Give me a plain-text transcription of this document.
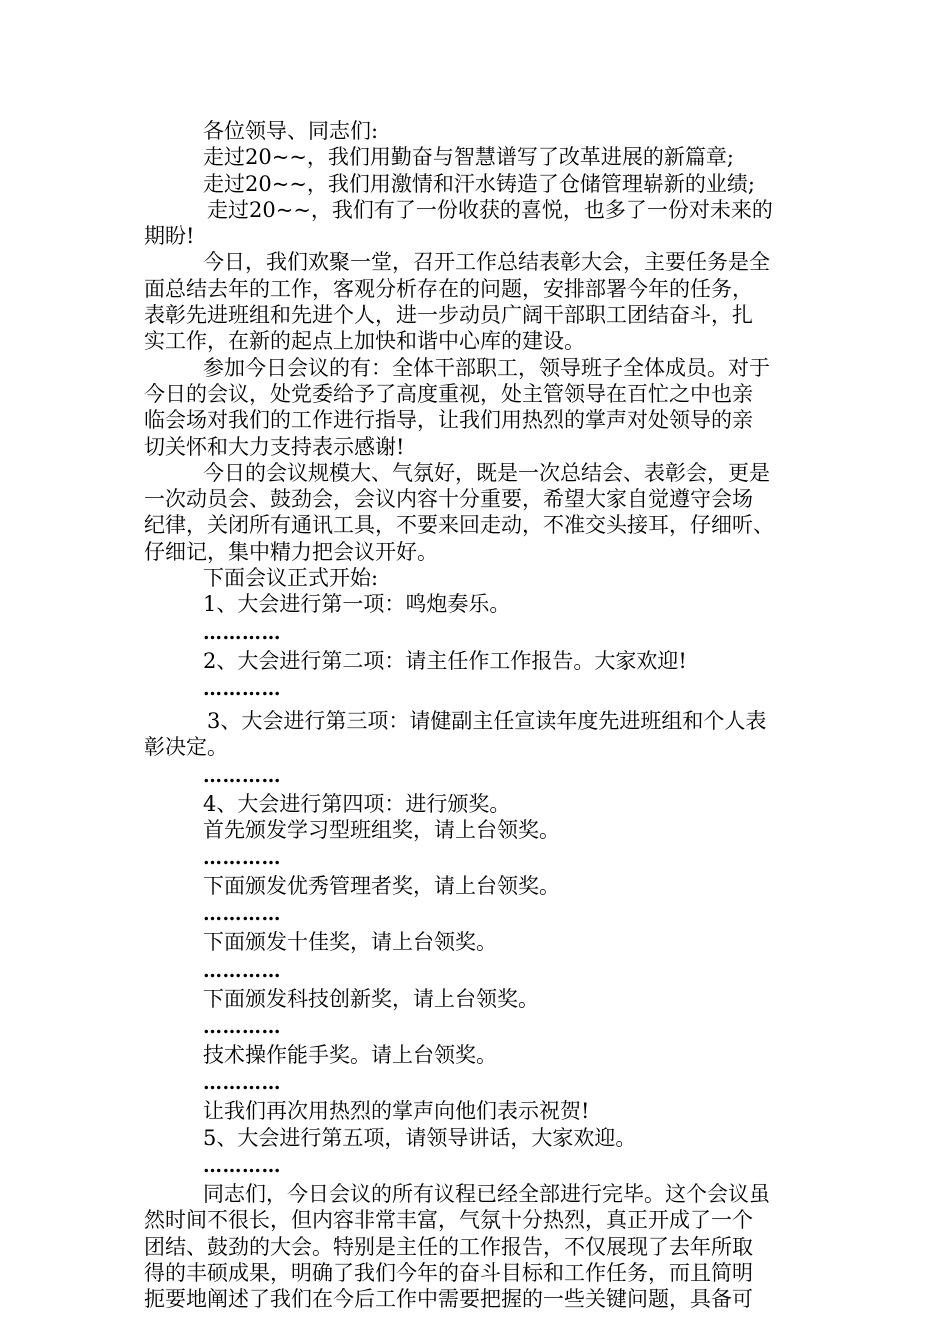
各位领导、同志们:
走过20~~，我们用勤奋与智慧谱写了改革进展的新篇章;
走过20~~，我们用激情和汗水铸造了仓储管理崭新的业绩;
走过20~~，我们有了一份收获的喜悦，也多了一份对未来的
期盼!
今日，我们欢聚一堂，召开工作总结表彰大会，主要任务是全
面总结去年的工作，客观分析存在的问题，安排部署今年的任务，
表彰先进班组和先进个人，进一步动员广阔干部职工团结奋斗，扎
实工作，在新的起点上加快和谐中心库的建设。
参加今日会议的有：全体干部职工，领导班子全体成员。对于
今日的会议，处党委给予了高度重视，处主管领导在百忙之中也亲
临会场对我们的工作进行指导，让我们用热烈的掌声对处领导的亲
切关怀和大力支持表示感谢!
今日的会议规模大、气氛好，既是一次总结会、表彰会，更是
一次动员会、鼓劲会，会议内容十分重要，希望大家自觉遵守会场
纪律，关闭所有通讯工具，不要来回走动，不准交头接耳，仔细听、
仔细记，集中精力把会议开好。
下面会议正式开始:
1、大会进行第一项：鸣炮奏乐。
…………
2、大会进行第二项：请主任作工作报告。大家欢迎!
…………
3、大会进行第三项：请健副主任宣读年度先进班组和个人表
彰决定。
…………
4、大会进行第四项：进行颁奖。
首先颁发学习型班组奖，请上台领奖。
…………
下面颁发优秀管理者奖，请上台领奖。
…………
下面颁发十佳奖，请上台领奖。
…………
下面颁发科技创新奖，请上台领奖。
…………
技术操作能手奖。请上台领奖。
…………
让我们再次用热烈的掌声向他们表示祝贺!
5、大会进行第五项，请领导讲话，大家欢迎。
…………
同志们，今日会议的所有议程已经全部进行完毕。这个会议虽
然时间不很长，但内容非常丰富，气氛十分热烈，真正开成了一个
团结、鼓劲的大会。特别是主任的工作报告，不仅展现了去年所取
得的丰硕成果，明确了我们今年的奋斗目标和工作任务，而且简明
扼要地阐述了我们在今后工作中需要把握的一些关键问题，具备可
